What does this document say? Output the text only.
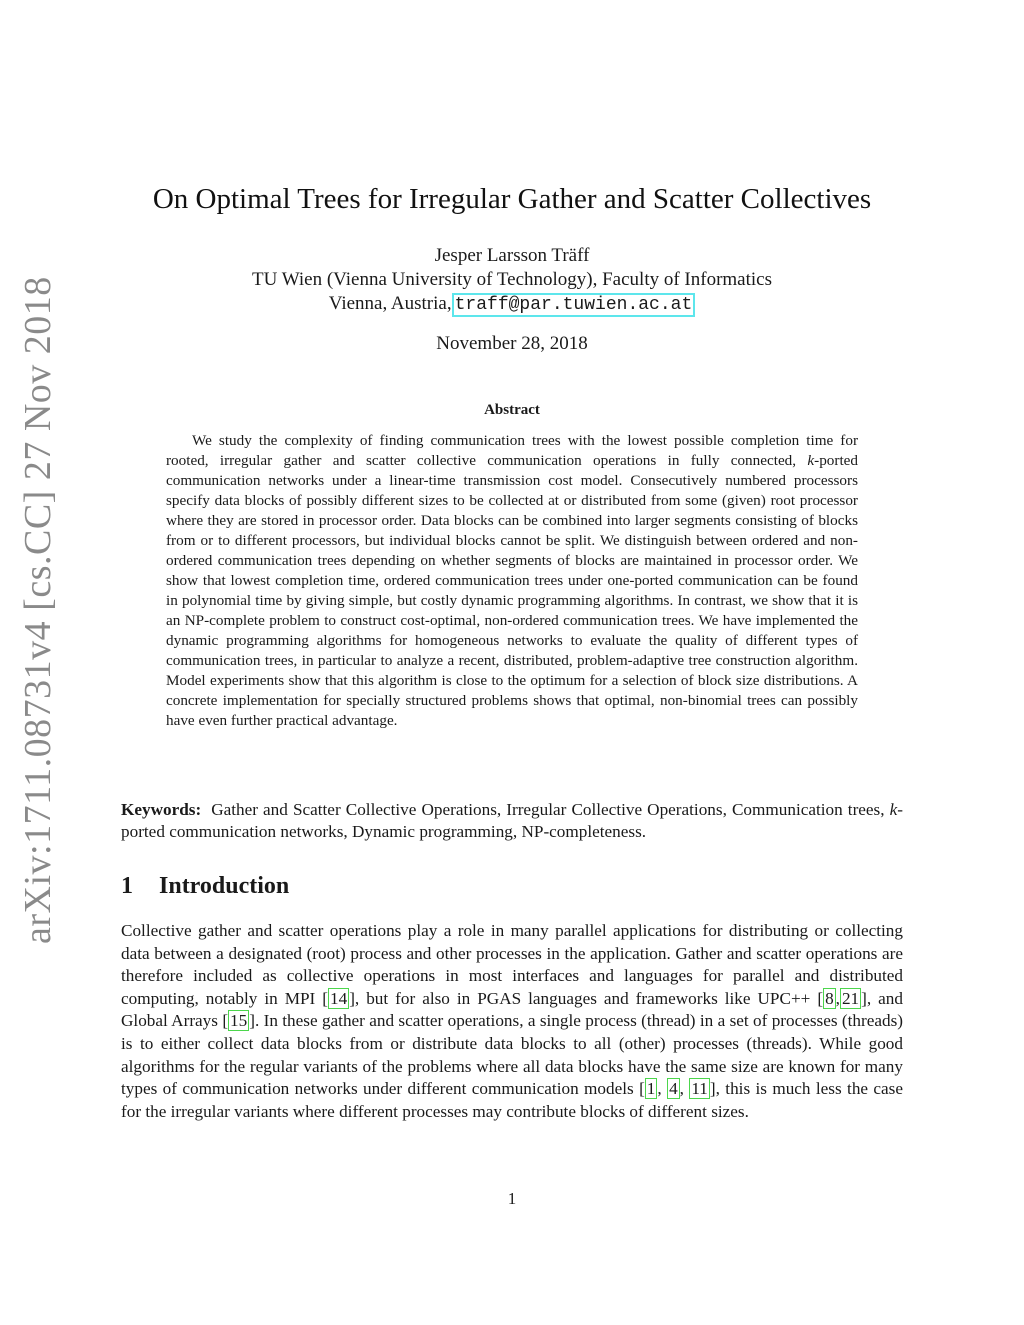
arXiv:1711.08731v4 [cs.CC] 27 Nov 2018
On Optimal Trees for Irregular Gather and Scatter Collectives
Jesper Larsson Träff
TU Wien (Vienna University of Technology), Faculty of Informatics
Vienna, Austria, traff@par.tuwien.ac.at
November 28, 2018
Abstract
We study the complexity of finding communication trees with the lowest possible completion time for rooted, irregular gather and scatter collective communication operations in fully connected, k-ported communication networks under a linear-time transmission cost model. Consecutively numbered processors specify data blocks of possibly different sizes to be collected at or distributed from some (given) root processor where they are stored in processor order. Data blocks can be combined into larger segments consisting of blocks from or to different processors, but individual blocks cannot be split. We distinguish between ordered and non-ordered communication trees depending on whether segments of blocks are maintained in processor order. We show that lowest completion time, ordered communication trees under one-ported communication can be found in polynomial time by giving simple, but costly dynamic programming algorithms. In contrast, we show that it is an NP-complete problem to construct cost-optimal, non-ordered communication trees. We have implemented the dynamic programming algorithms for homogeneous networks to evaluate the quality of different types of communication trees, in particular to analyze a recent, distributed, problem-adaptive tree construction algorithm. Model experiments show that this algorithm is close to the optimum for a selection of block size distributions. A concrete implementation for specially structured problems shows that optimal, non-binomial trees can possibly have even further practical advantage.
Keywords: Gather and Scatter Collective Operations, Irregular Collective Operations, Communication trees, k-ported communication networks, Dynamic programming, NP-completeness.
1 Introduction
Collective gather and scatter operations play a role in many parallel applications for distributing or collecting data between a designated (root) process and other processes in the application. Gather and scatter operations are therefore included as collective operations in most interfaces and languages for parallel and distributed computing, notably in MPI [ 14 ], but for also in PGAS languages and frameworks like UPC++ [ 8 , 21 ], and Global Arrays [ 15 ]. In these gather and scatter operations, a single process (thread) in a set of processes (threads) is to either collect data blocks from or distribute data blocks to all (other) processes (threads). While good algorithms for the regular variants of the problems where all data blocks have the same size are known for many types of communication networks under different communication models [ 1 , 4 , 11 ], this is much less the case for the irregular variants where different processes may contribute blocks of different sizes.
1
